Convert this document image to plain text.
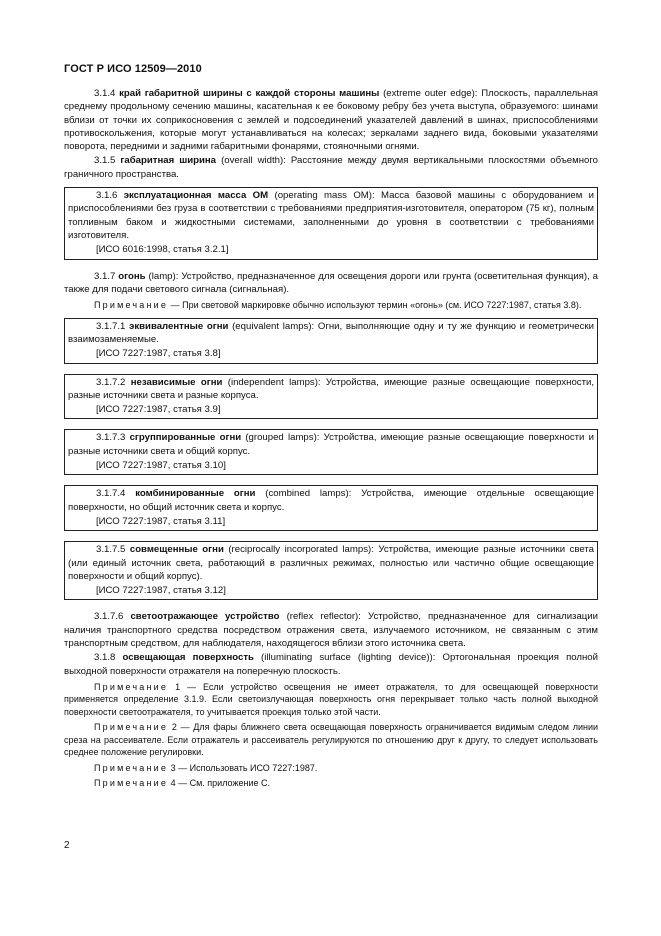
ГОСТ Р ИСО 12509—2010

3.1.4 край габаритной ширины с каждой стороны машины (extreme outer edge): Плоскость, параллельная среднему продольному сечению машины, касательная к ее боковому ребру без учета выступа, образуемого: шинами вблизи от точки их соприкосновения с землей и подсоединений указателей давлений в шинах, приспособлениями противоскольжения, которые могут устанавливаться на колесах; зеркалами заднего вида, боковыми указателями поворота, передними и задними габаритными фонарями, стояночными огнями.

3.1.5 габаритная ширина (overall width): Расстояние между двумя вертикальными плоскостями объемного граничного пространства.

3.1.6 эксплуатационная масса ОМ (operating mass OM): Масса базовой машины с оборудованием и приспособлениями без груза в соответствии с требованиями предприятия-изготовителя, оператором (75 кг), полным топливным баком и жидкостными системами, заполненными до уровня в соответствии с требованиями изготовителя.

[ИСО 6016:1998, статья 3.2.1]

3.1.7 огонь (lamp): Устройство, предназначенное для освещения дороги или грунта (осветительная функция), а также для подачи светового сигнала (сигнальная).

Примечание — При световой маркировке обычно используют термин «огонь» (см. ИСО 7227:1987, статья 3.8).

3.1.7.1 эквивалентные огни (equivalent lamps): Огни, выполняющие одну и ту же функцию и геометрически взаимозаменяемые.

[ИСО 7227:1987, статья 3.8]

3.1.7.2 независимые огни (independent lamps): Устройства, имеющие разные освещающие поверхности, разные источники света и разные корпуса.

[ИСО 7227:1987, статья 3.9]

3.1.7.3 сгруппированные огни (grouped lamps): Устройства, имеющие разные освещающие поверхности и разные источники света и общий корпус.

[ИСО 7227:1987, статья 3.10]

3.1.7.4 комбинированные огни (combined lamps): Устройства, имеющие отдельные освещающие поверхности, но общий источник света и корпус.

[ИСО 7227:1987, статья 3.11]

3.1.7.5 совмещенные огни (reciprocally incorporated lamps): Устройства, имеющие разные источники света (или единый источник света, работающий в различных режимах, полностью или частично общие освещающие поверхности и общий корпус).

[ИСО 7227:1987, статья 3.12]

3.1.7.6 светоотражающее устройство (reflex reflector): Устройство, предназначенное для сигнализации наличия транспортного средства посредством отражения света, излучаемого источником, не связанным с этим транспортным средством, для наблюдателя, находящегося вблизи этого источника света.

3.1.8 освещающая поверхность (illuminating surface (lighting device)): Ортогональная проекция полной выходной поверхности отражателя на поперечную плоскость.

Примечание 1 — Если устройство освещения не имеет отражателя, то для освещающей поверхности применяется определение 3.1.9. Если светоизлучающая поверхность огня перекрывает только часть полной выходной поверхности светоотражателя, то учитывается проекция только этой части.

Примечание 2 — Для фары ближнего света освещающая поверхность ограничивается видимым следом линии среза на рассеивателе. Если отражатель и рассеиватель регулируются по отношению друг к другу, то следует использовать среднее положение регулировки.

Примечание 3 — Использовать ИСО 7227:1987.

Примечание 4 — См. приложение С.

2
